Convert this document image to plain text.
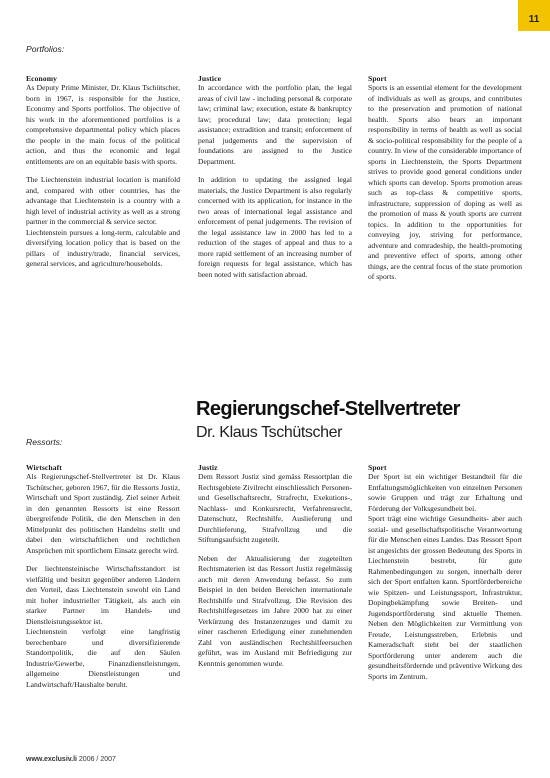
11
Portfolios:
Economy

As Deputy Prime Minister, Dr. Klaus Tschütscher, born in 1967, is responsible for the Justice, Economy and Sports portfolios. The objective of his work in the aforementioned portfolios is a comprehensive departmental policy which places the people in the main focus of the political action, and thus the economic and legal entitlements are on an equitable basis with sports.

The Liechtenstein industrial location is manifold and, compared with other countries, has the advantage that Liechtenstein is a country with a high level of industrial activity as well as a strong partner in the commercial & service sector.

Liechtenstein pursues a long-term, calculable and diversifying location policy that is based on the pillars of industry/trade, financial services, general services, and agriculture/households.

Justice

In accordance with the portfolio plan, the legal areas of civil law - including personal & corporate law; criminal law; execution, estate & bankruptcy law; procedural law; data protection; legal assistance; extradition and transit; enforcement of penal judgements and the supervision of foundations are assigned to the Justice Department.

In addition to updating the assigned legal materials, the Justice Department is also regularly concerned with its application, for instance in the two areas of international legal assistance and enforcement of penal judgements. The revision of the legal assistance law in 2000 has led to a reduction of the stages of appeal and thus to a more rapid settlement of an increasing number of foreign requests for legal assistance, which has been noted with satisfaction abroad.

Sport

Sports is an essential element for the development of individuals as well as groups, and contributes to the preservation and promotion of national health. Sports also bears an important responsibility in terms of health as well as social & socio-political responsibility for the people of a country. In view of the considerable importance of sports in Liechtenstein, the Sports Department strives to provide good general conditions under which sports can develop. Sports promotion areas such as top-class & competitive sports, infrastructure, suppression of doping as well as the promotion of mass & youth sports are current topics. In addition to the opportunities for conveying joy, striving for performance, adventure and comradeship, the health-promoting and preventive effect of sports, among other things, are the central focus of the state promotion of sports.

Regierungschef-Stellvertreter
Dr. Klaus Tschütscher
Ressorts:
Wirtschaft

Als Regierungschef-Stellvertreter ist Dr. Klaus Tschütscher, geboren 1967, für die Ressorts Justiz, Wirtschaft und Sport zuständig. Ziel seiner Arbeit in den genannten Ressorts ist eine Ressort übergreifende Politik, die den Menschen in den Mittelpunkt des politischen Handelns stellt und dabei den wirtschaftlichen und rechtlichen Ansprüchen mit sportlichem Einsatz gerecht wird.

Der liechtensteinische Wirtschaftsstandort ist vielfältig und besitzt gegenüber anderen Ländern den Vorteil, dass Liechtenstein sowohl ein Land mit hoher industrieller Tätigkeit, als auch ein starker Partner im Handels- und Dienstleistungssektor ist.

Liechtenstein verfolgt eine langfristig berechenbare und diversifizierende Standortpolitik, die auf den Säulen Industrie/Gewerbe, Finanzdienstleistungen, allgemeine Dienstleistungen und Landwirtschaft/Haushalte beruht.

Justiz

Dem Ressort Justiz sind gemäss Ressortplan die Rechtsgebiete Zivilrecht einschliesslich Personen- und Gesellschaftsrecht, Strafrecht, Exekutions-, Nachlass- und Konkursrecht, Verfahrensrecht, Datenschutz, Rechtshilfe, Auslieferung und Durchlieferung, Strafvollzug und die Stiftungsaufsicht zugeteilt.

Neben der Aktualisierung der zugeteilten Rechtsmaterien ist das Ressort Justiz regelmässig auch mit deren Anwendung befasst. So zum Beispiel in den beiden Bereichen internationale Rechtshilfe und Strafvollzug. Die Revision des Rechtshilfegesetzes im Jahre 2000 hat zu einer Verkürzung des Instanzenzuges und damit zu einer rascheren Erledigung einer zunehmenden Zahl von ausländischen Rechtshilfeersuchen geführt, was im Ausland mit Befriedigung zur Kenntnis genommen wurde.

Sport

Der Sport ist ein wichtiger Bestandteil für die Entfaltungsmöglichkeiten von einzelnen Personen sowie Gruppen und trägt zur Erhaltung und Förderung der Volksgesundheit bei.

Sport trägt eine wichtige Gesundheits- aber auch sozial- und gesellschaftspolitische Verantwortung für die Menschen eines Landes. Das Ressort Sport ist angesichts der grossen Bedeutung des Sports in Liechtenstein bestrebt, für gute Rahmenbedingungen zu sorgen, innerhalb derer sich der Sport entfalten kann. Sportförderbereiche wie Spitzen- und Leistungssport, Infrastruktur, Dopingbekämpfung sowie Breiten- und Jugendsportförderung sind aktuelle Themen. Neben den Möglichkeiten zur Vermittlung von Freude, Leistungsstreben, Erlebnis und Kameradschaft steht bei der staatlichen Sportförderung unter anderem auch die gesundheitsfördernde und präventive Wirkung des Sports im Zentrum.

www.exclusiv.li 2006 / 2007
